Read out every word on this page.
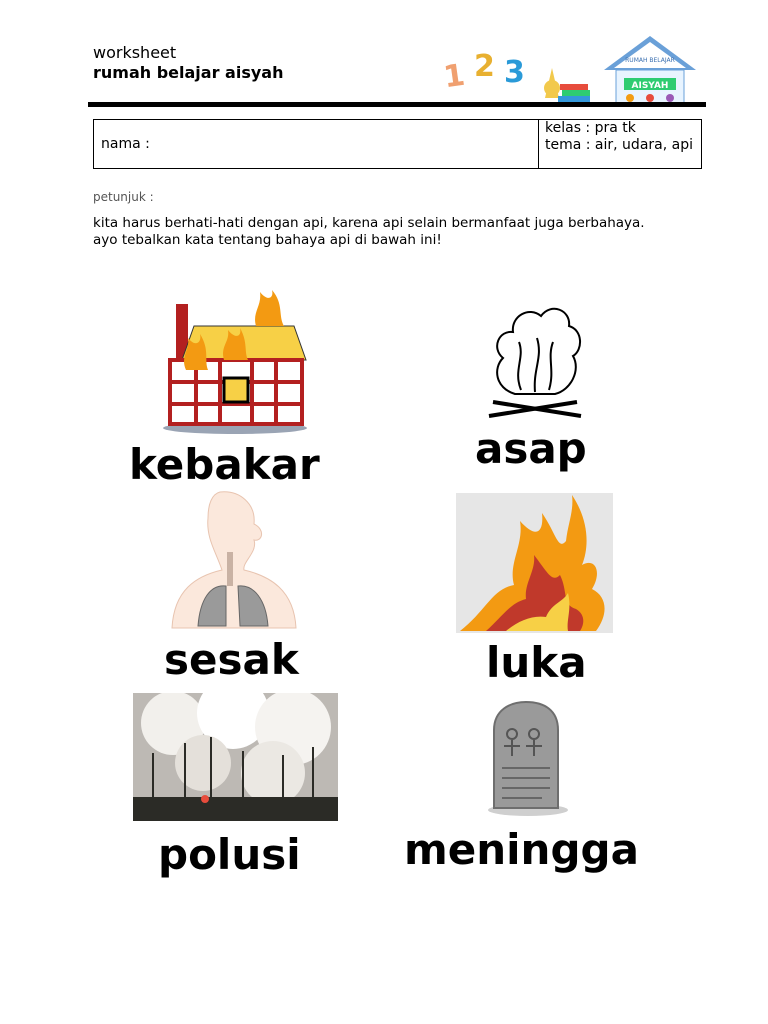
worksheet
rumah belajar aisyah	1 2 3	RUMAH BELAJAR
AISYAH
nama :
kelas : pra tk
tema : air, udara, api
petunjuk :
kita harus berhati-hati dengan api, karena api selain bermanfaat juga berbahaya.
ayo tebalkan kata tentang bahaya api di bawah ini!
kebakar	asap
sesak	luka
polusi meningga
